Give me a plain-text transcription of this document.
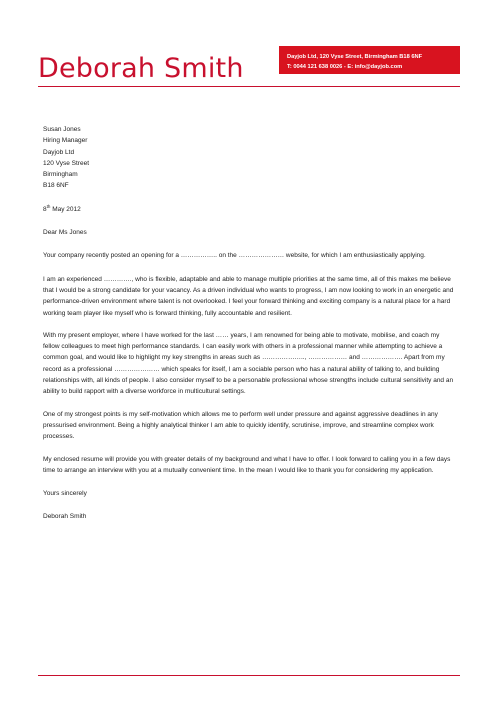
Deborah Smith	Dayjob Ltd, 120 Vyse Street, Birmingham B18 6NF
T: 0044 121 638 0026 - E: info@dayjob.com

Susan Jones

Hiring Manager

Dayjob Ltd

120 Vyse Street

Birmingham

B18 6NF

8th May 2012

Dear Ms Jones

Your company recently posted an opening for a …………….. on the ………………… website, for which I am enthusiastically applying.

I am an experienced …………., who is flexible, adaptable and able to manage multiple priorities at the same time, all of this makes me believe that I would be a strong candidate for your vacancy. As a driven individual who wants to progress, I am now looking to work in an energetic and performance-driven environment where talent is not overlooked. I feel your forward thinking and exciting company is a natural place for a hard working team player like myself who is forward thinking, fully accountable and resilient.

With my present employer, where I have worked for the last …… years, I am renowned for being able to motivate, mobilise, and coach my fellow colleagues to meet high performance standards. I can easily work with others in a professional manner while attempting to achieve a common goal, and would like to highlight my key strengths in areas such as ……………….., ……………… and ………………. Apart from my record as a professional ………………… which speaks for itself, I am a sociable person who has a natural ability of talking to, and building relationships with, all kinds of people. I also consider myself to be a personable professional whose strengths include cultural sensitivity and an ability to build rapport with a diverse workforce in multicultural settings.

One of my strongest points is my self-motivation which allows me to perform well under pressure and against aggressive deadlines in any pressurised environment. Being a highly analytical thinker I am able to quickly identify, scrutinise, improve, and streamline complex work processes.

My enclosed resume will provide you with greater details of my background and what I have to offer. I look forward to calling you in a few days time to arrange an interview with you at a mutually convenient time. In the mean I would like to thank you for considering my application.

Yours sincerely

Deborah Smith
